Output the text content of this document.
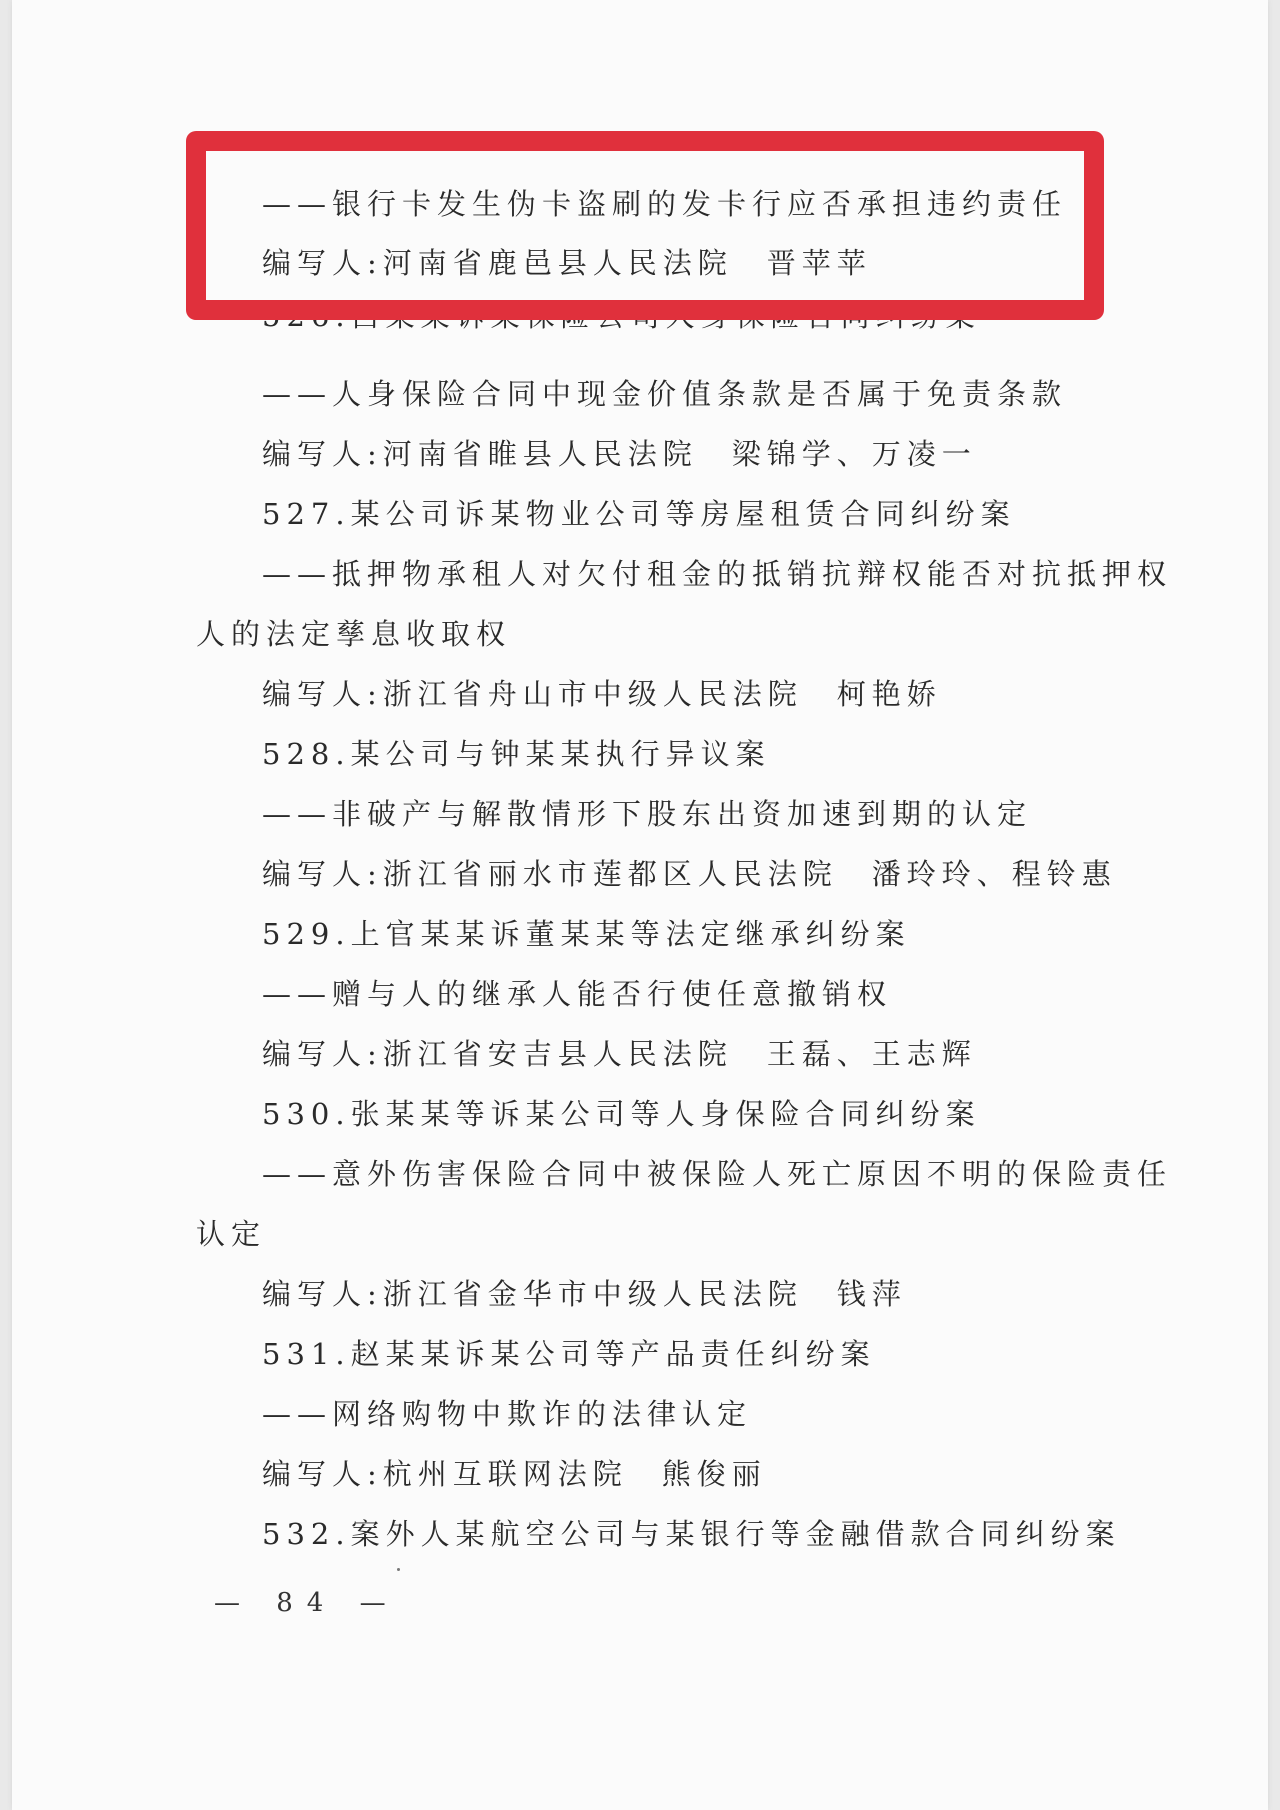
——银行卡发生伪卡盗刷的发卡行应否承担违约责任
编写人:河南省鹿邑县人民法院 晋苹苹
——人身保险合同中现金价值条款是否属于免责条款
编写人:河南省睢县人民法院 梁锦学、万凌一
527.某公司诉某物业公司等房屋租赁合同纠纷案
——抵押物承租人对欠付租金的抵销抗辩权能否对抗抵押权
人的法定孳息收取权
编写人:浙江省舟山市中级人民法院 柯艳娇
528.某公司与钟某某执行异议案
——非破产与解散情形下股东出资加速到期的认定
编写人:浙江省丽水市莲都区人民法院 潘玲玲、程铃惠
529.上官某某诉董某某等法定继承纠纷案
——赠与人的继承人能否行使任意撤销权
编写人:浙江省安吉县人民法院 王磊、王志辉
530.张某某等诉某公司等人身保险合同纠纷案
——意外伤害保险合同中被保险人死亡原因不明的保险责任
认定
编写人:浙江省金华市中级人民法院 钱萍
531.赵某某诉某公司等产品责任纠纷案
——网络购物中欺诈的法律认定
编写人:杭州互联网法院 熊俊丽
532.案外人某航空公司与某银行等金融借款合同纠纷案
— 84 —
